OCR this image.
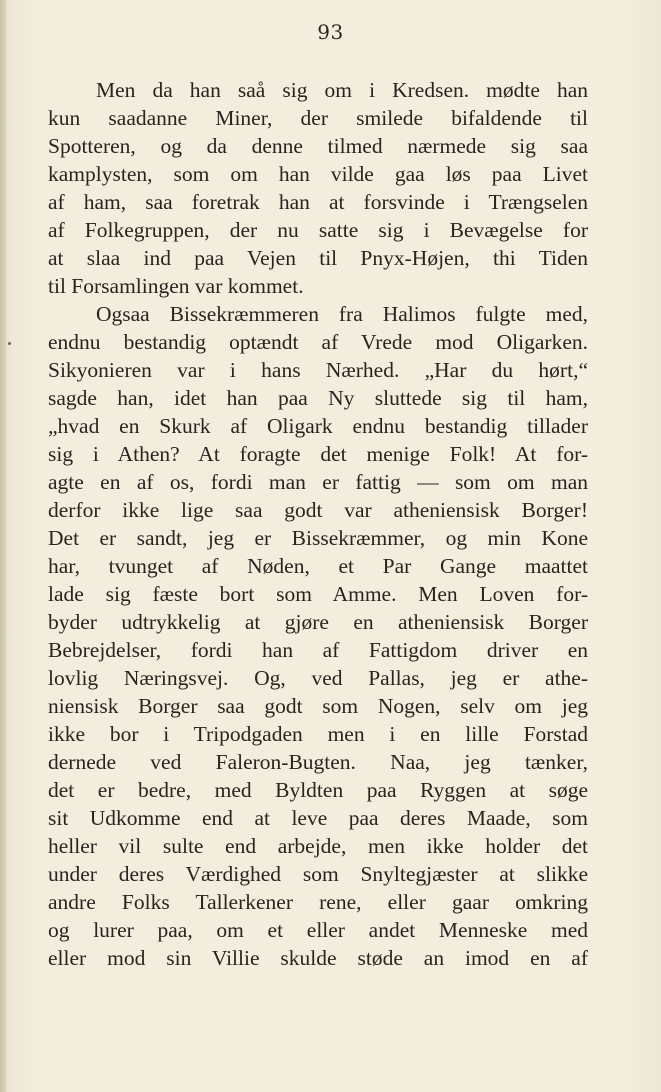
93
Men da han saå sig om i Kredsen. mødte han
kun saadanne Miner, der smilede bifaldende til
Spotteren, og da denne tilmed nærmede sig saa
kamplysten, som om han vilde gaa løs paa Livet
af ham, saa foretrak han at forsvinde i Trængselen
af Folkegruppen, der nu satte sig i Bevægelse for
at slaa ind paa Vejen til Pnyx-Højen, thi Tiden
til Forsamlingen var kommet.
Ogsaa Bissekræmmeren fra Halimos fulgte med,
endnu bestandig optændt af Vrede mod Oligarken.
Sikyonieren var i hans Nærhed. „Har du hørt,“
sagde han, idet han paa Ny sluttede sig til ham,
„hvad en Skurk af Oligark endnu bestandig tillader
sig i Athen? At foragte det menige Folk! At for-
agte en af os, fordi man er fattig — som om man
derfor ikke lige saa godt var atheniensisk Borger!
Det er sandt, jeg er Bissekræmmer, og min Kone
har, tvunget af Nøden, et Par Gange maattet
lade sig fæste bort som Amme. Men Loven for-
byder udtrykkelig at gjøre en atheniensisk Borger
Bebrejdelser, fordi han af Fattigdom driver en
lovlig Næringsvej. Og, ved Pallas, jeg er athe-
niensisk Borger saa godt som Nogen, selv om jeg
ikke bor i Tripodgaden men i en lille Forstad
dernede ved Faleron-Bugten. Naa, jeg tænker,
det er bedre, med Byldten paa Ryggen at søge
sit Udkomme end at leve paa deres Maade, som
heller vil sulte end arbejde, men ikke holder det
under deres Værdighed som Snyltegjæster at slikke
andre Folks Tallerkener rene, eller gaar omkring
og lurer paa, om et eller andet Menneske med
eller mod sin Villie skulde støde an imod en af
